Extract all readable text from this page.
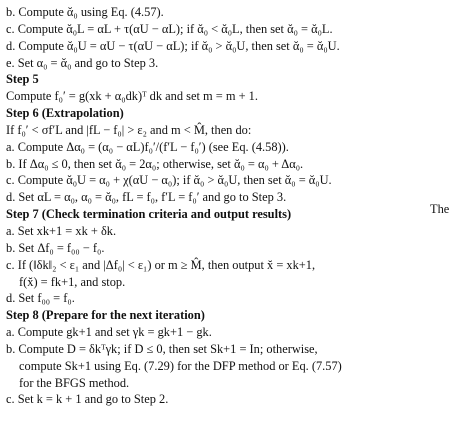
b. Compute ᾰ₀ using Eq. (4.57).
c. Compute ᾰ₀L = αL + τ(αU − αL); if ᾰ₀ < ᾰ₀L, then set ᾰ₀ = ᾰ₀L.
d. Compute ᾰ₀U = αU − τ(αU − αL); if ᾰ₀ > ᾰ₀U, then set ᾰ₀ = ᾰ₀U.
e. Set α₀ = ᾰ₀ and go to Step 3.
Step 5
Compute f₀′ = g(xk + α₀dk)ᵀ dk and set m = m + 1.
Step 6 (Extrapolation)
If f₀′ < σf′L and |fL − f₀| > ε₂ and m < M̂, then do:
a. Compute Δα₀ = (α₀ − αL)f₀′/(f′L − f₀′) (see Eq. (4.58)).
b. If Δα₀ ≤ 0, then set ᾰ₀ = 2α₀; otherwise, set ᾰ₀ = α₀ + Δα₀.
c. Compute ᾰ₀U = α₀ + χ(αU − α₀); if ᾰ₀ > ᾰ₀U, then set ᾰ₀ = ᾰ₀U.
d. Set αL = α₀, α₀ = ᾰ₀, fL = f₀, f′L = f₀′ and go to Step 3.
Step 7 (Check termination criteria and output results)
a. Set xk+1 = xk + δk.
b. Set Δf₀ = f₀₀ − f₀.
c. If (‖δk‖₂ < ε₁ and |Δf₀| < ε₁) or m ≥ M̂, then output x̆ = xk+1,
f(x̆) = fk+1, and stop.
d. Set f₀₀ = f₀.
Step 8 (Prepare for the next iteration)
a. Compute gk+1 and set γk = gk+1 − gk.
b. Compute D = δkᵀγk; if D ≤ 0, then set Sk+1 = In; otherwise,
compute Sk+1 using Eq. (7.29) for the DFP method or Eq. (7.57)
for the BFGS method.
c. Set k = k + 1 and go to Step 2.
The
